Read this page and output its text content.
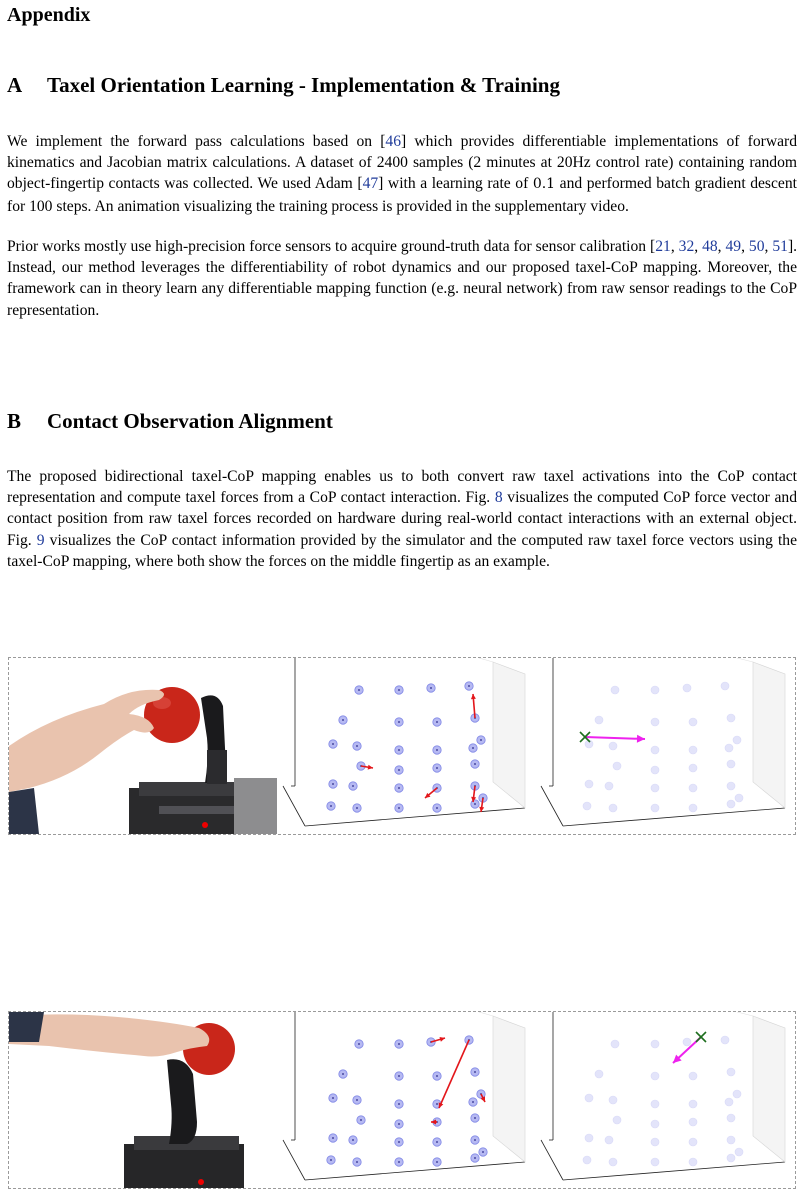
Appendix
A Taxel Orientation Learning - Implementation & Training
We implement the forward pass calculations based on [46] which provides differentiable implementations of forward kinematics and Jacobian matrix calculations. A dataset of 2400 samples (2 minutes at 20Hz control rate) containing random object-fingertip contacts was collected. We used Adam [47] with a learning rate of 0.1 and performed batch gradient descent for 100 steps. An animation visualizing the training process is provided in the supplementary video.
Prior works mostly use high-precision force sensors to acquire ground-truth data for sensor calibration [21, 32, 48, 49, 50, 51]. Instead, our method leverages the differentiability of robot dynamics and our proposed taxel-CoP mapping. Moreover, the framework can in theory learn any differentiable mapping function (e.g. neural network) from raw sensor readings to the CoP representation.
B Contact Observation Alignment
The proposed bidirectional taxel-CoP mapping enables us to both convert raw taxel activations into the CoP contact representation and compute taxel forces from a CoP contact interaction. Fig. 8 visualizes the computed CoP force vector and contact position from raw taxel forces recorded on hardware during real-world contact interactions with an external object. Fig. 9 visualizes the CoP contact information provided by the simulator and the computed raw taxel force vectors using the taxel-CoP mapping, where both show the forces on the middle fingertip as an example.
